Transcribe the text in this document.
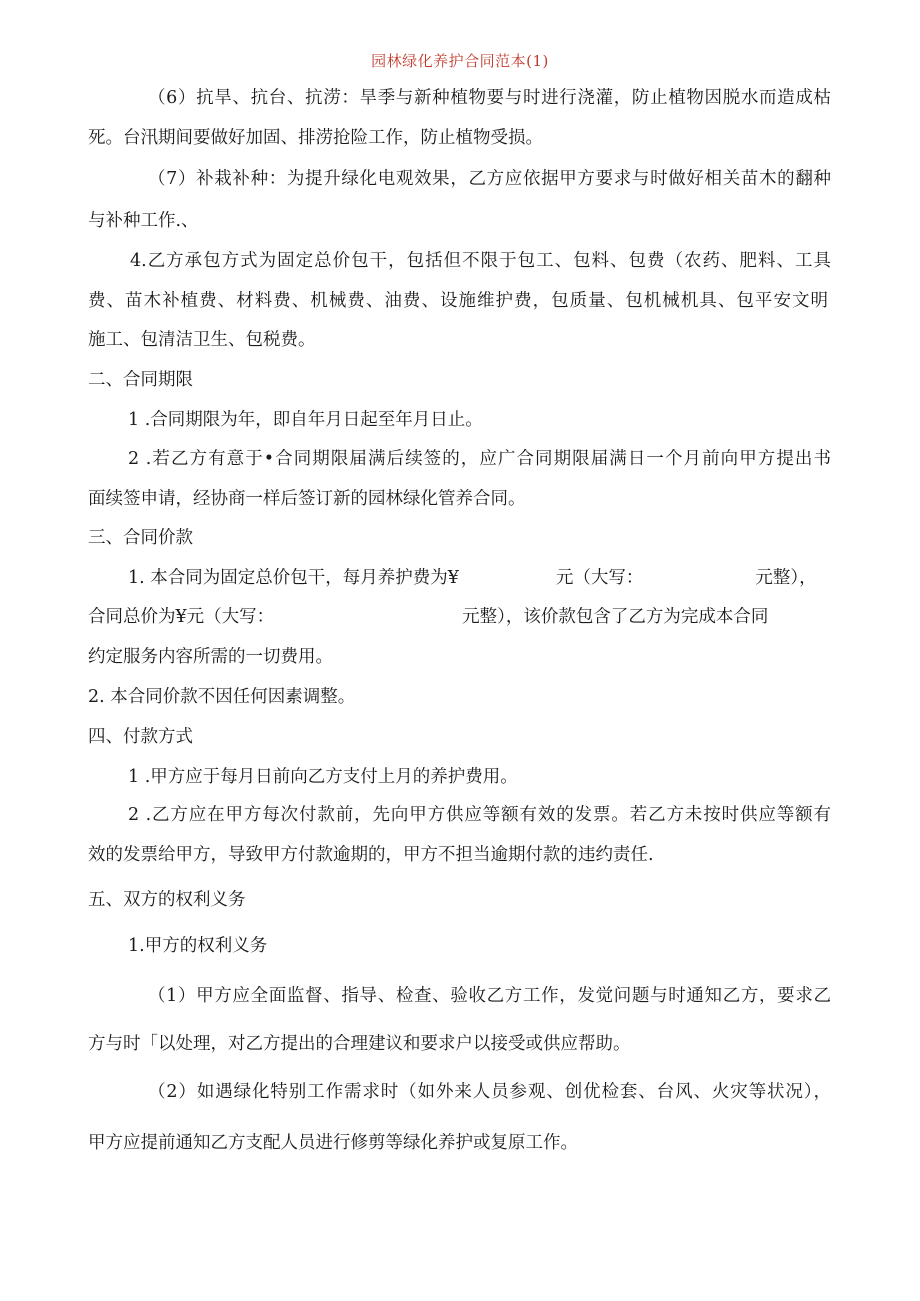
园林绿化养护合同范本(1)
（6）抗旱、抗台、抗涝：旱季与新种植物要与时进行浇灌，防止植物因脱水而造成枯
死。台汛期间要做好加固、排涝抢险工作，防止植物受损。
（7）补栽补种：为提升绿化电观效果，乙方应依据甲方要求与时做好相关苗木的翻种
与补种工作.、
4.乙方承包方式为固定总价包干，包括但不限于包工、包料、包费（农药、肥料、工具
费、苗木补植费、材料费、机械费、油费、设施维护费，包质量、包机械机具、包平安文明
施工、包清洁卫生、包税费。
二、合同期限
1 .合同期限为年，即自年月日起至年月日止。
2 .若乙方有意于•合同期限届满后续签的，应广合同期限届满日一个月前向甲方提出书
面续签申请，经协商一样后签订新的园林绿化管养合同。
三、合同价款
1. 本合同为固定总价包干，每月养护费为¥	元（大写：	元整），
合同总价为¥元（大写：	元整），该价款包含了乙方为完成本合同
约定服务内容所需的一切费用。
2. 本合同价款不因任何因素调整。
四、付款方式
1 .甲方应于每月日前向乙方支付上月的养护费用。
2 .乙方应在甲方每次付款前，先向甲方供应等额有效的发票。若乙方未按时供应等额有
效的发票给甲方，导致甲方付款逾期的，甲方不担当逾期付款的违约责任.
五、双方的权利义务
1.甲方的权利义务
（1）甲方应全面监督、指导、检查、验收乙方工作，发觉问题与时通知乙方，要求乙
方与时「以处理，对乙方提出的合理建议和要求户以接受或供应帮助。
（2）如遇绿化特别工作需求时（如外来人员参观、创优检套、台风、火灾等状况），
甲方应提前通知乙方支配人员进行修剪等绿化养护或复原工作。
